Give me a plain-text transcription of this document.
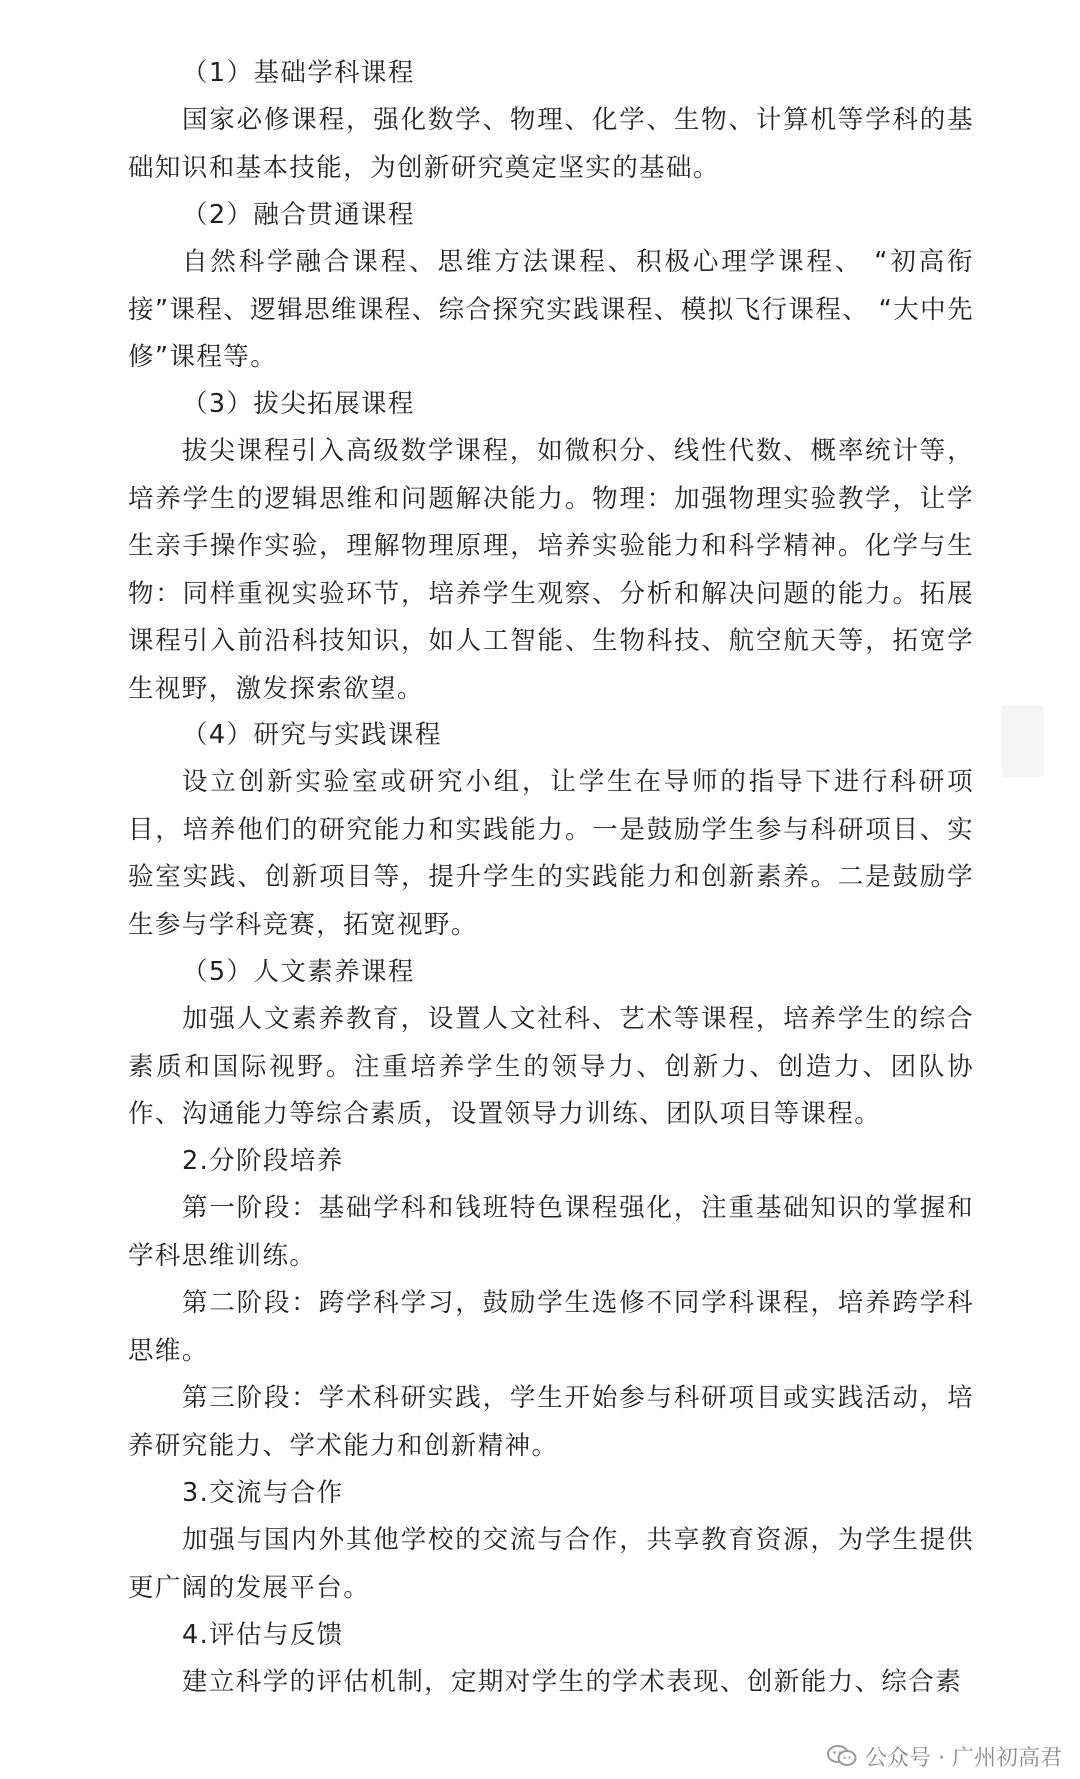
（1）基础学科课程
国家必修课程，强化数学、物理、化学、生物、计算机等学科的基础知识和基本技能，为创新研究奠定坚实的基础。
（2）融合贯通课程
自然科学融合课程、思维方法课程、积极心理学课程、 “初高衔接”课程、逻辑思维课程、综合探究实践课程、模拟飞行课程、 “大中先修”课程等。
（3）拔尖拓展课程
拔尖课程引入高级数学课程，如微积分、线性代数、概率统计等，培养学生的逻辑思维和问题解决能力。物理：加强物理实验教学，让学生亲手操作实验，理解物理原理，培养实验能力和科学精神。化学与生物：同样重视实验环节，培养学生观察、分析和解决问题的能力。拓展课程引入前沿科技知识，如人工智能、生物科技、航空航天等，拓宽学生视野，激发探索欲望。
（4）研究与实践课程
设立创新实验室或研究小组，让学生在导师的指导下进行科研项目，培养他们的研究能力和实践能力。一是鼓励学生参与科研项目、实验室实践、创新项目等，提升学生的实践能力和创新素养。二是鼓励学生参与学科竞赛，拓宽视野。
（5）人文素养课程
加强人文素养教育，设置人文社科、艺术等课程，培养学生的综合素质和国际视野。注重培养学生的领导力、创新力、创造力、团队协作、沟通能力等综合素质，设置领导力训练、团队项目等课程。
2.分阶段培养
第一阶段：基础学科和钱班特色课程强化，注重基础知识的掌握和学科思维训练。
第二阶段：跨学科学习，鼓励学生选修不同学科课程，培养跨学科思维。
第三阶段：学术科研实践，学生开始参与科研项目或实践活动，培养研究能力、学术能力和创新精神。
3.交流与合作
加强与国内外其他学校的交流与合作，共享教育资源，为学生提供更广阔的发展平台。
4.评估与反馈
建立科学的评估机制，定期对学生的学术表现、创新能力、综合素
公众号 · 广州初高君
